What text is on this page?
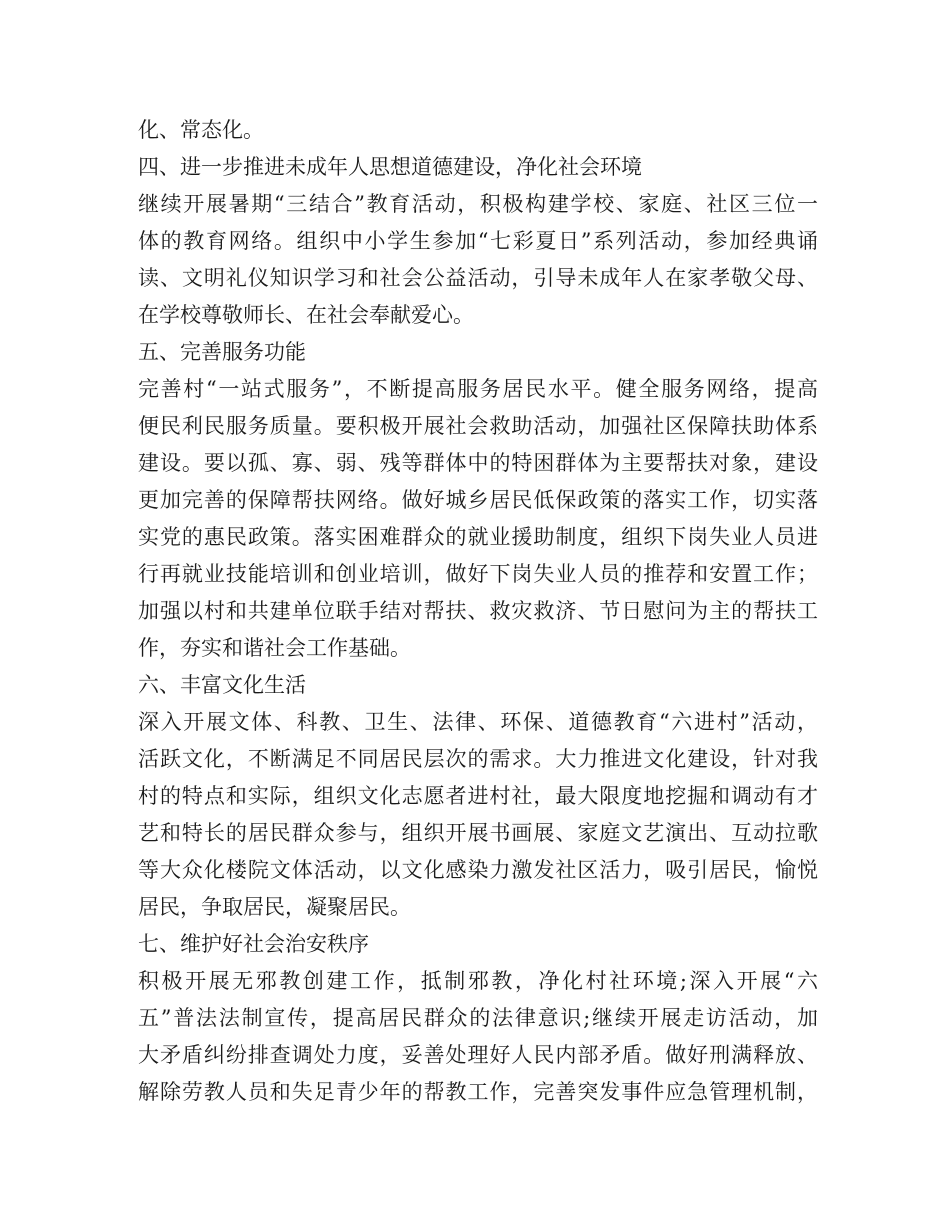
化、常态化。
四、进一步推进未成年人思想道德建设，净化社会环境
继续开展暑期“三结合”教育活动，积极构建学校、家庭、社区三位一
体的教育网络。组织中小学生参加“七彩夏日”系列活动，参加经典诵
读、文明礼仪知识学习和社会公益活动，引导未成年人在家孝敬父母、
在学校尊敬师长、在社会奉献爱心。
五、完善服务功能
完善村“一站式服务”，不断提高服务居民水平。健全服务网络，提高
便民利民服务质量。要积极开展社会救助活动，加强社区保障扶助体系
建设。要以孤、寡、弱、残等群体中的特困群体为主要帮扶对象，建设
更加完善的保障帮扶网络。做好城乡居民低保政策的落实工作，切实落
实党的惠民政策。落实困难群众的就业援助制度，组织下岗失业人员进
行再就业技能培训和创业培训，做好下岗失业人员的推荐和安置工作；
加强以村和共建单位联手结对帮扶、救灾救济、节日慰问为主的帮扶工
作，夯实和谐社会工作基础。
六、丰富文化生活
深入开展文体、科教、卫生、法律、环保、道德教育“六进村”活动，
活跃文化，不断满足不同居民层次的需求。大力推进文化建设，针对我
村的特点和实际，组织文化志愿者进村社，最大限度地挖掘和调动有才
艺和特长的居民群众参与，组织开展书画展、家庭文艺演出、互动拉歌
等大众化楼院文体活动，以文化感染力激发社区活力，吸引居民，愉悦
居民，争取居民，凝聚居民。
七、维护好社会治安秩序
积极开展无邪教创建工作，抵制邪教，净化村社环境;深入开展“六
五”普法法制宣传，提高居民群众的法律意识;继续开展走访活动，加
大矛盾纠纷排查调处力度，妥善处理好人民内部矛盾。做好刑满释放、
解除劳教人员和失足青少年的帮教工作，完善突发事件应急管理机制，
